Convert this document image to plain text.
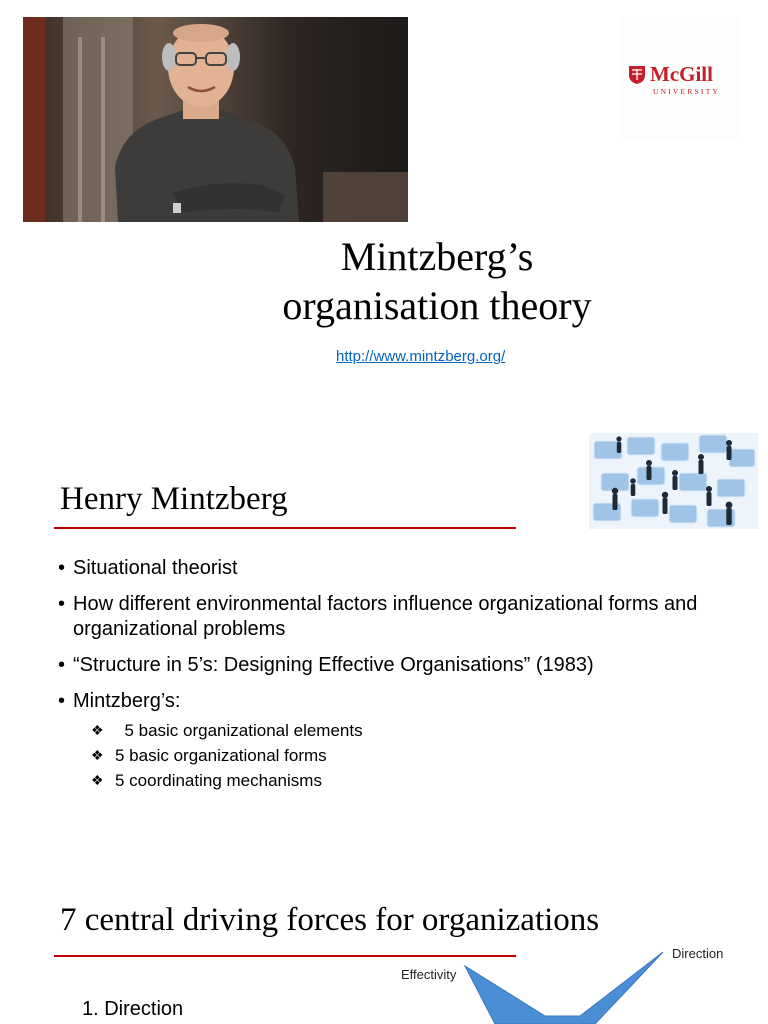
McGill
UNIVERSITY
Mintzberg’s
organisation theory
http://www.mintzberg.org/
Henry Mintzberg
• Situational theorist
• How different environmental factors influence organizational forms and organizational problems
• “Structure in 5’s: Designing Effective Organisations” (1983)
• Mintzberg’s:
❖ 5 basic organizational elements
❖ 5 basic organizational forms
❖ 5 coordinating mechanisms
7 central driving forces for organizations
Effectivity
Direction
1. Direction
